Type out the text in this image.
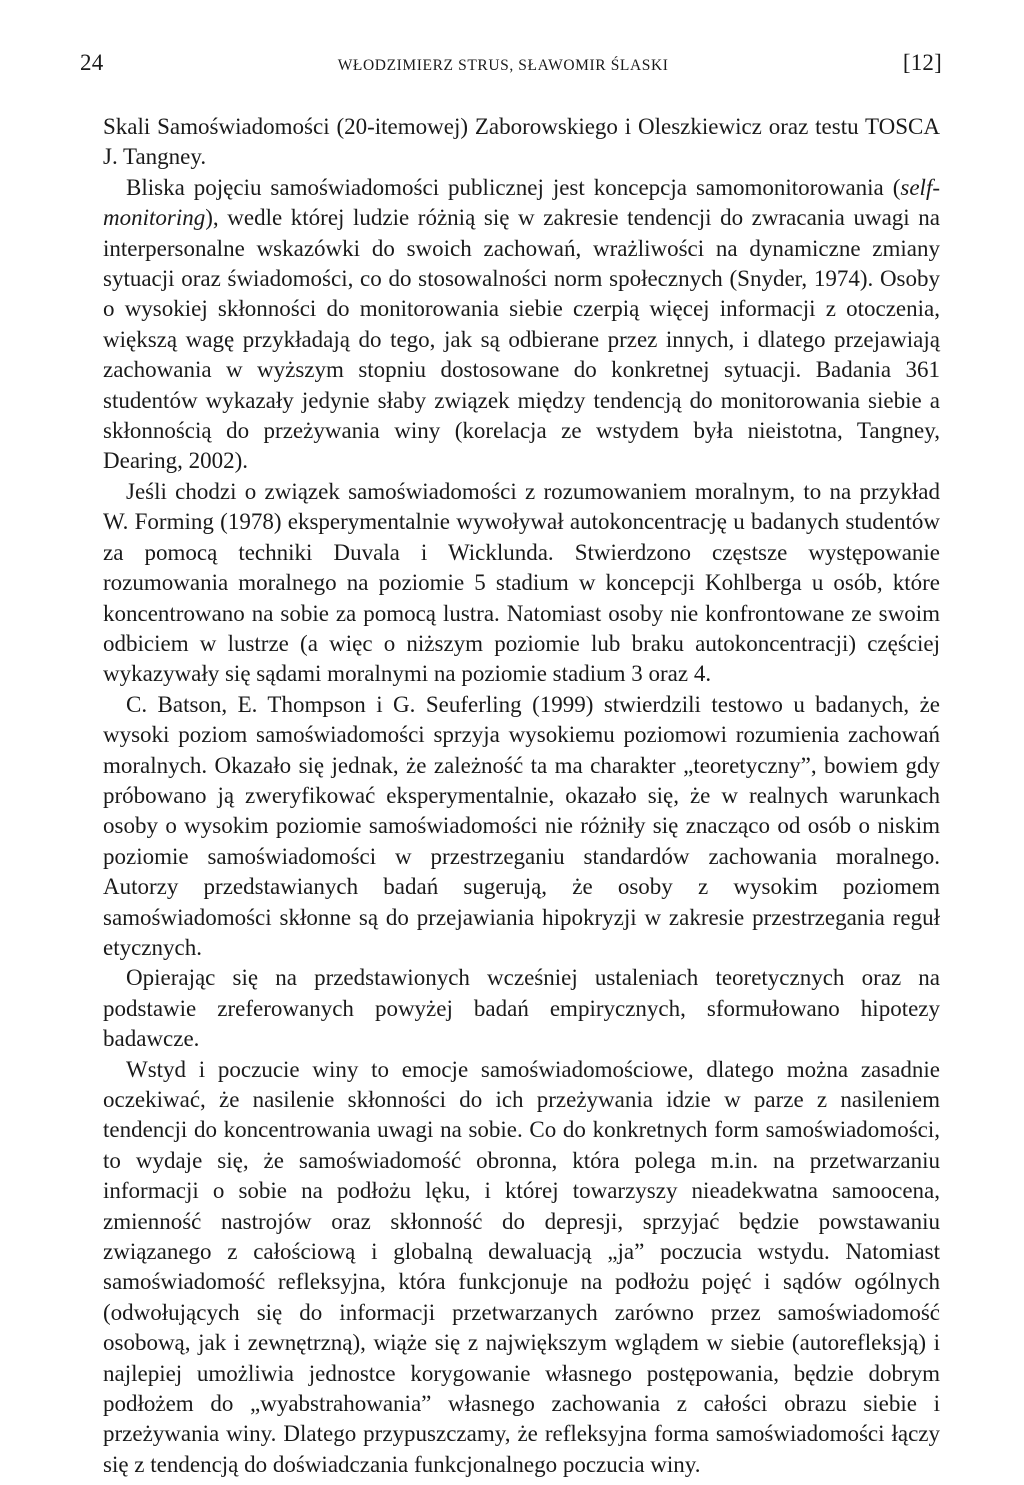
24	WŁODZIMIERZ STRUS, SŁAWOMIR ŚLASKI	[12]

Skali Samoświadomości (20-itemowej) Zaborowskiego i Oleszkiewicz oraz testu TOSCA J. Tangney.

Bliska pojęciu samoświadomości publicznej jest koncepcja samomonitorowania (self-monitoring), wedle której ludzie różnią się w zakresie tendencji do zwracania uwagi na interpersonalne wskazówki do swoich zachowań, wrażliwości na dynamiczne zmiany sytuacji oraz świadomości, co do stosowalności norm społecznych (Snyder, 1974). Osoby o wysokiej skłonności do monitorowania siebie czerpią więcej informacji z otoczenia, większą wagę przykładają do tego, jak są odbierane przez innych, i dlatego przejawiają zachowania w wyższym stopniu dostosowane do konkretnej sytuacji. Badania 361 studentów wykazały jedynie słaby związek między tendencją do monitorowania siebie a skłonnością do przeżywania winy (korelacja ze wstydem była nieistotna, Tangney, Dearing, 2002).

Jeśli chodzi o związek samoświadomości z rozumowaniem moralnym, to na przykład W. Forming (1978) eksperymentalnie wywoływał autokoncentrację u badanych studentów za pomocą techniki Duvala i Wicklunda. Stwierdzono częstsze występowanie rozumowania moralnego na poziomie 5 stadium w koncepcji Kohlberga u osób, które koncentrowano na sobie za pomocą lustra. Natomiast osoby nie konfrontowane ze swoim odbiciem w lustrze (a więc o niższym poziomie lub braku autokoncentracji) częściej wykazywały się sądami moralnymi na poziomie stadium 3 oraz 4.

C. Batson, E. Thompson i G. Seuferling (1999) stwierdzili testowo u badanych, że wysoki poziom samoświadomości sprzyja wysokiemu poziomowi rozumienia zachowań moralnych. Okazało się jednak, że zależność ta ma charakter „teoretyczny”, bowiem gdy próbowano ją zweryfikować eksperymentalnie, okazało się, że w realnych warunkach osoby o wysokim poziomie samoświadomości nie różniły się znacząco od osób o niskim poziomie samoświadomości w przestrzeganiu standardów zachowania moralnego. Autorzy przedstawianych badań sugerują, że osoby z wysokim poziomem samoświadomości skłonne są do przejawiania hipokryzji w zakresie przestrzegania reguł etycznych.

Opierając się na przedstawionych wcześniej ustaleniach teoretycznych oraz na podstawie zreferowanych powyżej badań empirycznych, sformułowano hipotezy badawcze.

Wstyd i poczucie winy to emocje samoświadomościowe, dlatego można zasadnie oczekiwać, że nasilenie skłonności do ich przeżywania idzie w parze z nasileniem tendencji do koncentrowania uwagi na sobie. Co do konkretnych form samoświadomości, to wydaje się, że samoświadomość obronna, która polega m.in. na przetwarzaniu informacji o sobie na podłożu lęku, i której towarzyszy nieadekwatna samoocena, zmienność nastrojów oraz skłonność do depresji, sprzyjać będzie powstawaniu związanego z całościową i globalną dewaluacją „ja” poczucia wstydu. Natomiast samoświadomość refleksyjna, która funkcjonuje na podłożu pojęć i sądów ogólnych (odwołujących się do informacji przetwarzanych zarówno przez samoświadomość osobową, jak i zewnętrzną), wiąże się z największym wglądem w siebie (autorefleksją) i najlepiej umożliwia jednostce korygowanie własnego postępowania, będzie dobrym podłożem do „wyabstrahowania” własnego zachowania z całości obrazu siebie i przeżywania winy. Dlatego przypuszczamy, że refleksyjna forma samoświadomości łączy się z tendencją do doświadczania funkcjonalnego poczucia winy.
